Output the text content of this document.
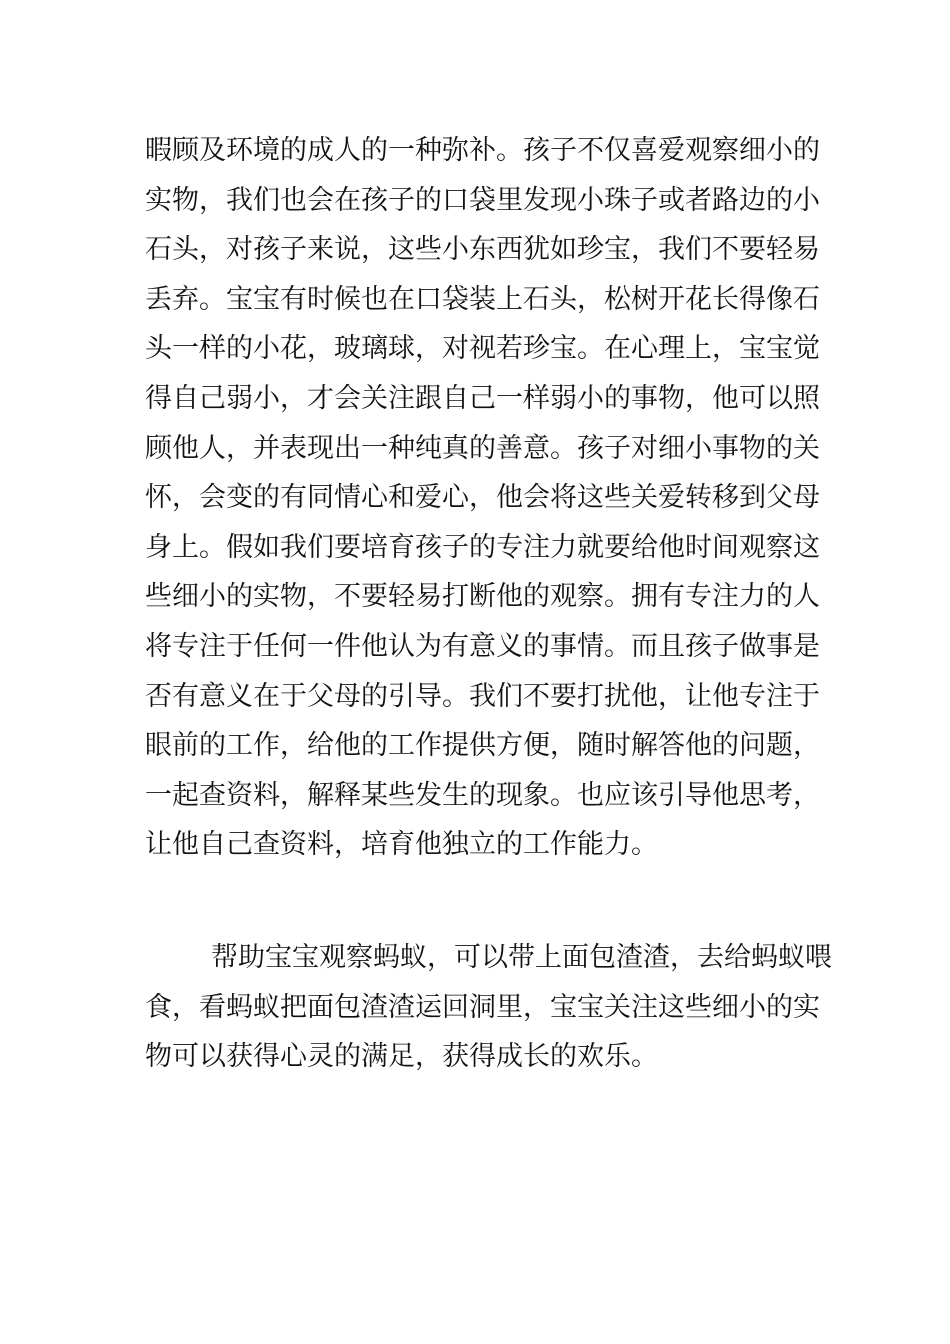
暇顾及环境的成人的一种弥补。孩子不仅喜爱观察细小的
实物，我们也会在孩子的口袋里发现小珠子或者路边的小
石头，对孩子来说，这些小东西犹如珍宝，我们不要轻易
丢弃。宝宝有时候也在口袋装上石头，松树开花长得像石
头一样的小花，玻璃球，对视若珍宝。在心理上，宝宝觉
得自己弱小，才会关注跟自己一样弱小的事物，他可以照
顾他人，并表现出一种纯真的善意。孩子对细小事物的关
怀，会变的有同情心和爱心，他会将这些关爱转移到父母
身上。假如我们要培育孩子的专注力就要给他时间观察这
些细小的实物，不要轻易打断他的观察。拥有专注力的人
将专注于任何一件他认为有意义的事情。而且孩子做事是
否有意义在于父母的引导。我们不要打扰他，让他专注于
眼前的工作，给他的工作提供方便，随时解答他的问题，
一起查资料，解释某些发生的现象。也应该引导他思考，
让他自己查资料，培育他独立的工作能力。
帮助宝宝观察蚂蚁，可以带上面包渣渣，去给蚂蚁喂
食，看蚂蚁把面包渣渣运回洞里，宝宝关注这些细小的实
物可以获得心灵的满足，获得成长的欢乐。
